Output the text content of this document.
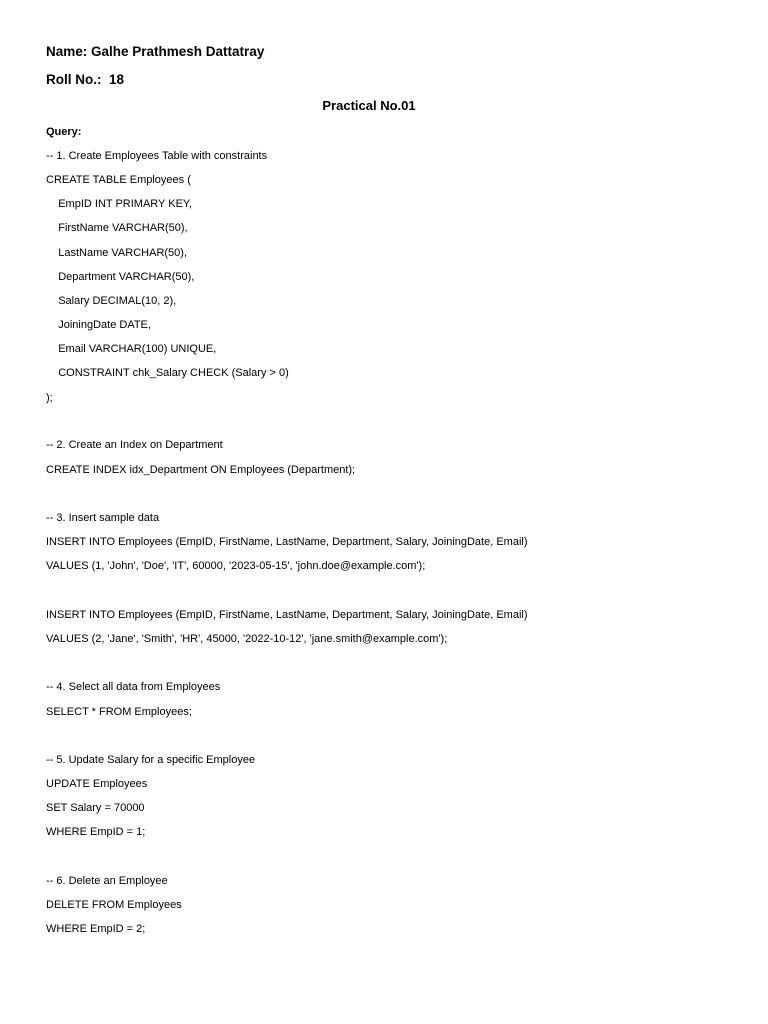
Name: Galhe Prathmesh Dattatray
Roll No.:  18
Practical No.01
Query:
-- 1. Create Employees Table with constraints
CREATE TABLE Employees (
EmpID INT PRIMARY KEY,
FirstName VARCHAR(50),
LastName VARCHAR(50),
Department VARCHAR(50),
Salary DECIMAL(10, 2),
JoiningDate DATE,
Email VARCHAR(100) UNIQUE,
CONSTRAINT chk_Salary CHECK (Salary > 0)
);
-- 2. Create an Index on Department
CREATE INDEX idx_Department ON Employees (Department);
-- 3. Insert sample data
INSERT INTO Employees (EmpID, FirstName, LastName, Department, Salary, JoiningDate, Email)
VALUES (1, 'John', 'Doe', 'IT', 60000, '2023-05-15', 'john.doe@example.com');
INSERT INTO Employees (EmpID, FirstName, LastName, Department, Salary, JoiningDate, Email)
VALUES (2, 'Jane', 'Smith', 'HR', 45000, '2022-10-12', 'jane.smith@example.com');
-- 4. Select all data from Employees
SELECT * FROM Employees;
-- 5. Update Salary for a specific Employee
UPDATE Employees
SET Salary = 70000
WHERE EmpID = 1;
-- 6. Delete an Employee
DELETE FROM Employees
WHERE EmpID = 2;
